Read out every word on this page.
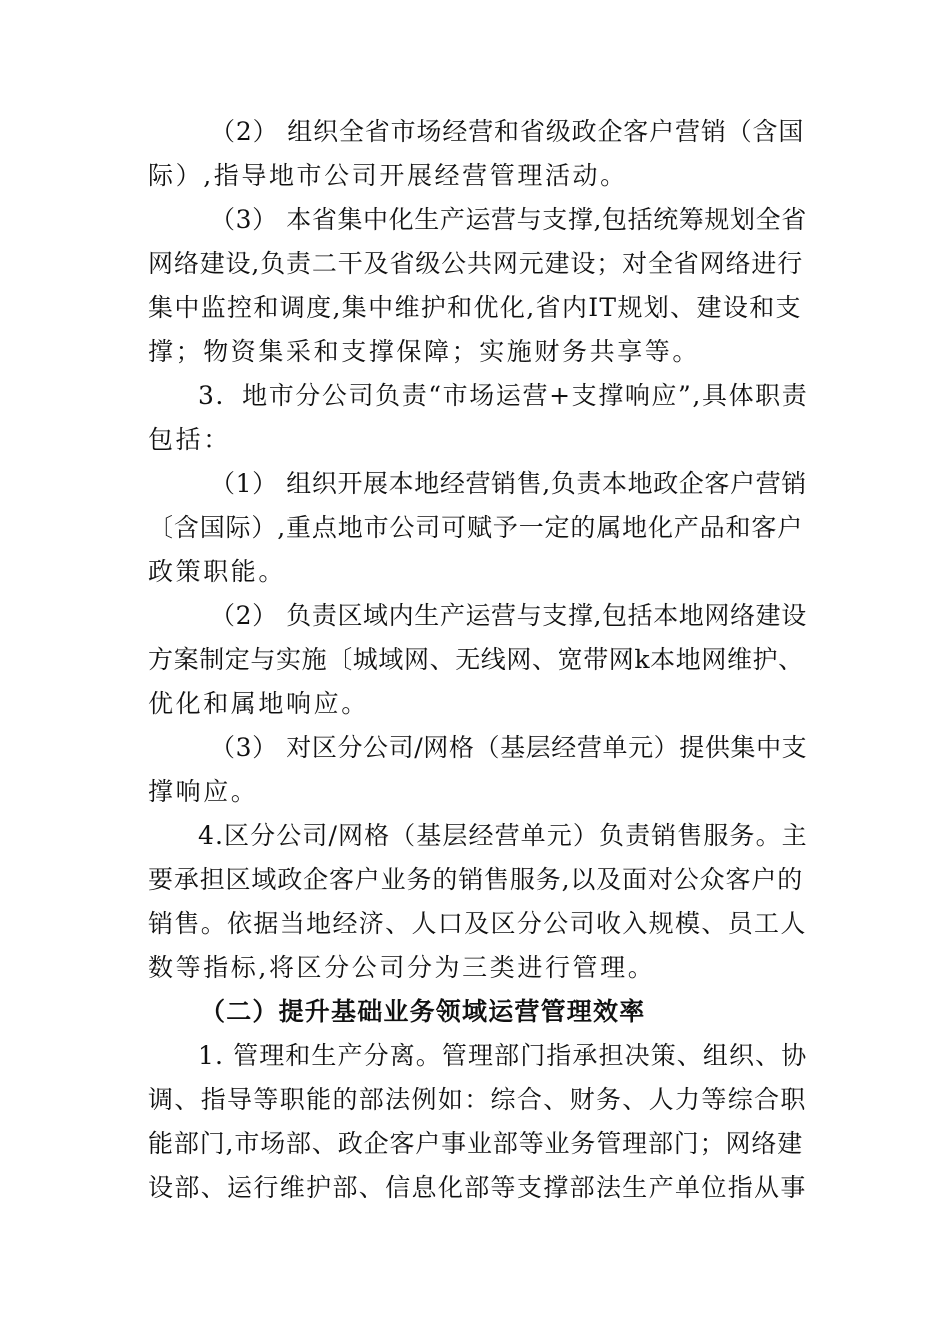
（2） 组织全省市场经营和省级政企客户营销（含国
际）,指导地市公司开展经营管理活动。
（3） 本省集中化生产运营与支撑,包括统筹规划全省
网络建设,负责二干及省级公共网元建设；对全省网络进行
集中监控和调度,集中维护和优化,省内IT规划、建设和支
撑；物资集采和支撑保障；实施财务共享等。
3．地市分公司负责“市场运营+支撑响应”,具体职责
包括：
（1） 组织开展本地经营销售,负责本地政企客户营销
〔含国际）,重点地市公司可赋予一定的属地化产品和客户
政策职能。
（2） 负责区域内生产运营与支撑,包括本地网络建设
方案制定与实施〔城域网、无线网、宽带网k本地网维护、
优化和属地响应。
（3） 对区分公司/网格（基层经营单元）提供集中支
撑响应。
4.区分公司/网格（基层经营单元）负责销售服务。主
要承担区域政企客户业务的销售服务,以及面对公众客户的
销售。依据当地经济、人口及区分公司收入规模、员工人
数等指标,将区分公司分为三类进行管理。
（二）提升基础业务领域运营管理效率
1. 管理和生产分离。管理部门指承担决策、组织、协
调、指导等职能的部法例如：综合、财务、人力等综合职
能部门,市场部、政企客户事业部等业务管理部门；网络建
设部、运行维护部、信息化部等支撑部法生产单位指从事
